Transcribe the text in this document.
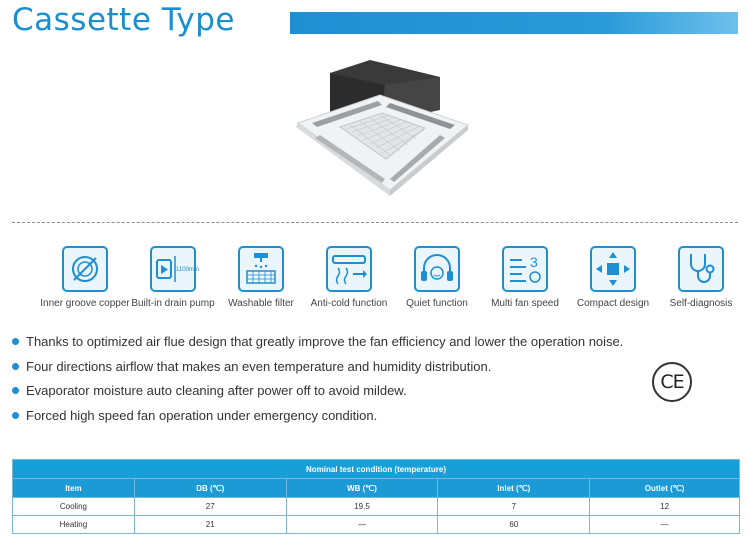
Cassette Type
Inner groove copper
1100mm
Built-in drain pump	Washable filter	Anti-cold function	Quiet function
3
Multi fan speed	Compact design	Self-diagnosis
Thanks to optimized air flue design that greatly improve the fan efficiency and lower the operation noise.
Four directions airflow that makes an even temperature and humidity distribution.
Evaporator moisture auto cleaning after power off to avoid mildew.
Forced high speed fan operation under emergency condition.
CE
Nominal test condition (temperature)				
Item	DB (℃)	WB (℃)	Inlet (℃)	Outlet (℃)
Cooling	27	19.5	7	12
Heating	21	—	60	—
